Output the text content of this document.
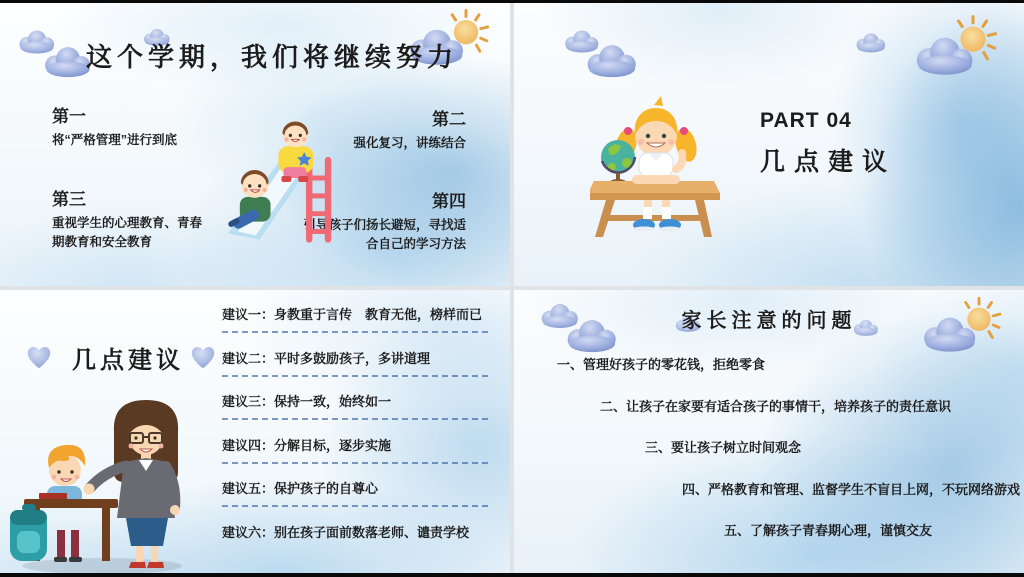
这个学期，我们将继续努力
第一
将“严格管理”进行到底
第二
强化复习，讲练结合
第三
重视学生的心理教育、青春期教育和安全教育
第四
引导孩子们扬长避短，寻找适合自己的学习方法
PART 04
几点建议
几点建议
建议一：身教重于言传　教育无他，榜样而已
建议二：平时多鼓励孩子，多讲道理
建议三：保持一致，始终如一
建议四：分解目标，逐步实施
建议五：保护孩子的自尊心
建议六：别在孩子面前数落老师、谴责学校
家长注意的问题
一、管理好孩子的零花钱，拒绝零食
二、让孩子在家要有适合孩子的事情干，培养孩子的责任意识
三、要让孩子树立时间观念
四、严格教育和管理、监督学生不盲目上网，不玩网络游戏
五、了解孩子青春期心理，谨慎交友
